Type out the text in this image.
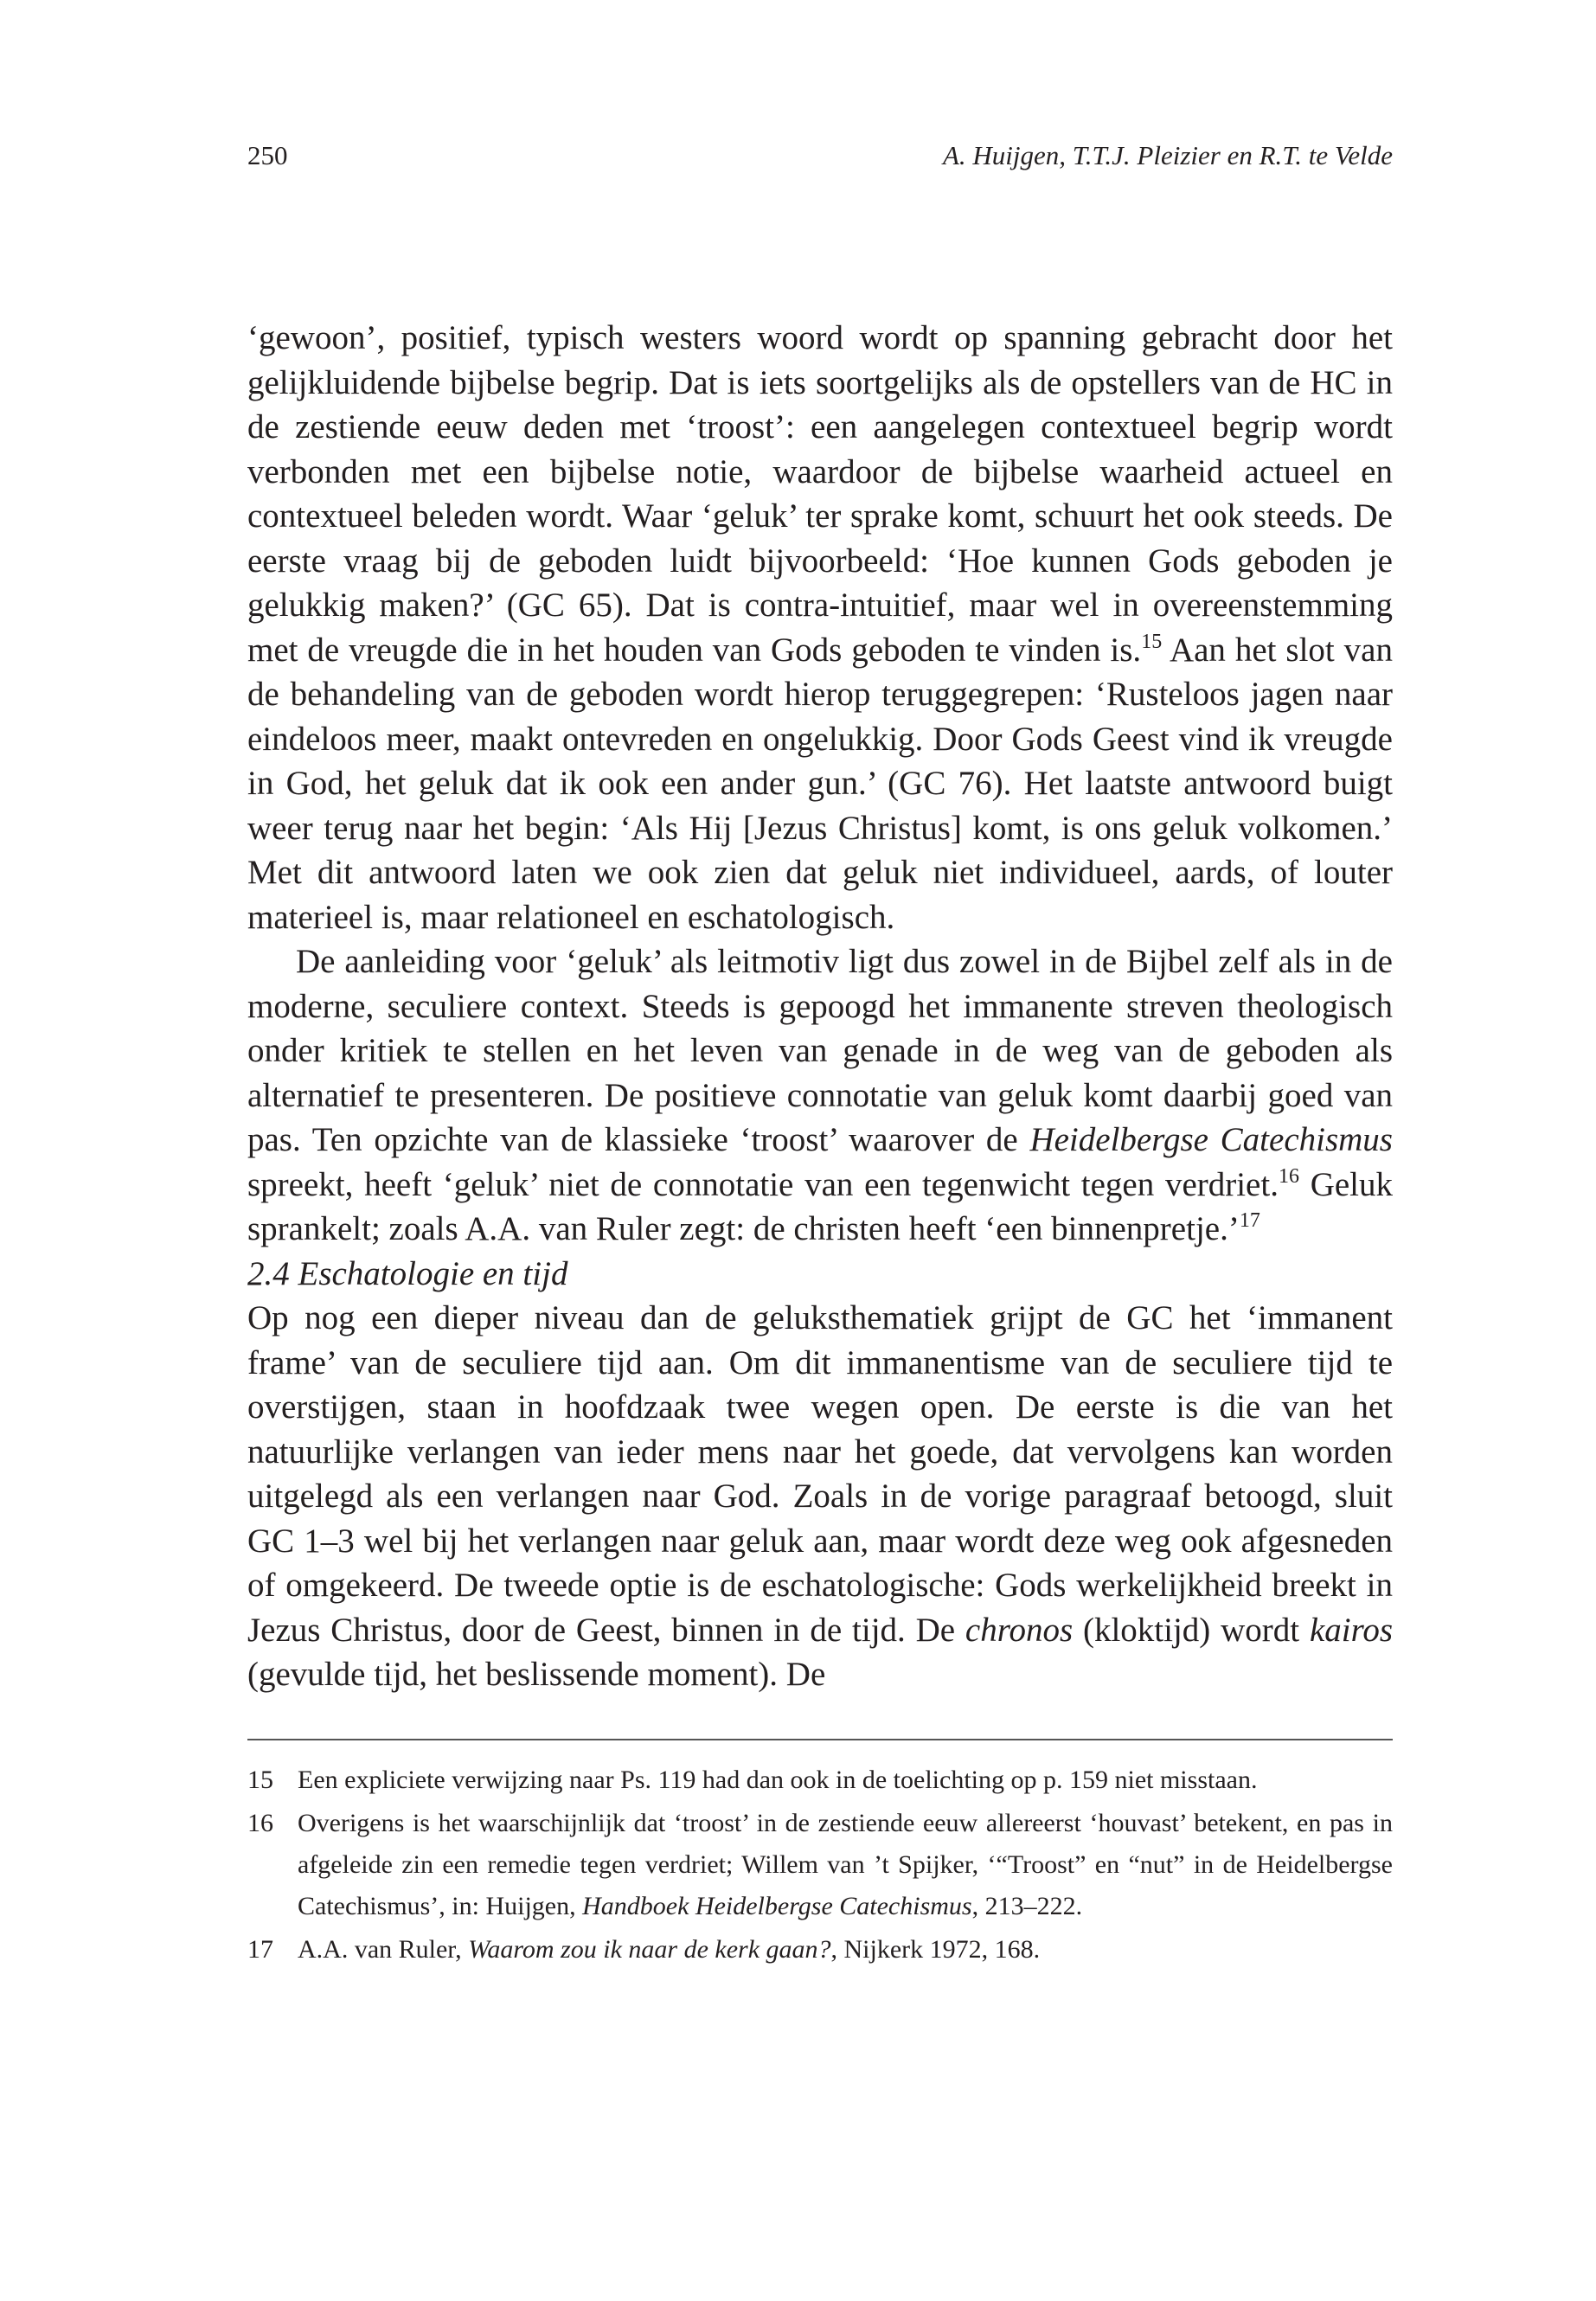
250	A. Huijgen, T.T.J. Pleizier en R.T. te Velde

‘gewoon’, positief, typisch westers woord wordt op spanning gebracht door het gelijkluidende bijbelse begrip. Dat is iets soortgelijks als de opstellers van de HC in de zestiende eeuw deden met ‘troost’: een aangelegen contextueel begrip wordt verbonden met een bijbelse notie, waardoor de bijbelse waarheid actueel en contextueel beleden wordt. Waar ‘geluk’ ter sprake komt, schuurt het ook steeds. De eerste vraag bij de geboden luidt bijvoorbeeld: ‘Hoe kunnen Gods geboden je gelukkig maken?’ (GC 65). Dat is contra-intuitief, maar wel in overeenstemming met de vreugde die in het houden van Gods geboden te vinden is.$^{15}$ Aan het slot van de behandeling van de geboden wordt hierop teruggegrepen: ‘Rusteloos jagen naar eindeloos meer, maakt ontevreden en ongelukkig. Door Gods Geest vind ik vreugde in God, het geluk dat ik ook een ander gun.’ (GC 76). Het laatste antwoord buigt weer terug naar het begin: ‘Als Hij [Jezus Christus] komt, is ons geluk volkomen.’ Met dit antwoord laten we ook zien dat geluk niet individueel, aards, of louter materieel is, maar relationeel en eschatologisch.

De aanleiding voor ‘geluk’ als leitmotiv ligt dus zowel in de Bijbel zelf als in de moderne, seculiere context. Steeds is gepoogd het immanente streven theologisch onder kritiek te stellen en het leven van genade in de weg van de geboden als alternatief te presenteren. De positieve connotatie van geluk komt daarbij goed van pas. Ten opzichte van de klassieke ‘troost’ waarover de Heidelbergse Catechismus spreekt, heeft ‘geluk’ niet de connotatie van een tegenwicht tegen verdriet.$^{16}$ Geluk sprankelt; zoals A.A. van Ruler zegt: de christen heeft ‘een binnenpretje.’$^{17}$

2.4 Eschatologie en tijd

Op nog een dieper niveau dan de geluksthematiek grijpt de GC het ‘immanent frame’ van de seculiere tijd aan. Om dit immanentisme van de seculiere tijd te overstijgen, staan in hoofdzaak twee wegen open. De eerste is die van het natuurlijke verlangen van ieder mens naar het goede, dat vervolgens kan worden uitgelegd als een verlangen naar God. Zoals in de vorige paragraaf betoogd, sluit GC 1–3 wel bij het verlangen naar geluk aan, maar wordt deze weg ook afgesneden of omgekeerd. De tweede optie is de eschatologische: Gods werkelijkheid breekt in Jezus Christus, door de Geest, binnen in de tijd. De chronos (kloktijd) wordt kairos (gevulde tijd, het beslissende moment). De

15 Een expliciete verwijzing naar Ps. 119 had dan ook in de toelichting op p. 159 niet misstaan.
16 Overigens is het waarschijnlijk dat ‘troost’ in de zestiende eeuw allereerst ‘houvast’ betekent, en pas in afgeleide zin een remedie tegen verdriet; Willem van ’t Spijker, ‘“Troost” en “nut” in de Heidelbergse Catechismus’, in: Huijgen, Handboek Heidelbergse Catechismus, 213–222.
17 A.A. van Ruler, Waarom zou ik naar de kerk gaan?, Nijkerk 1972, 168.
